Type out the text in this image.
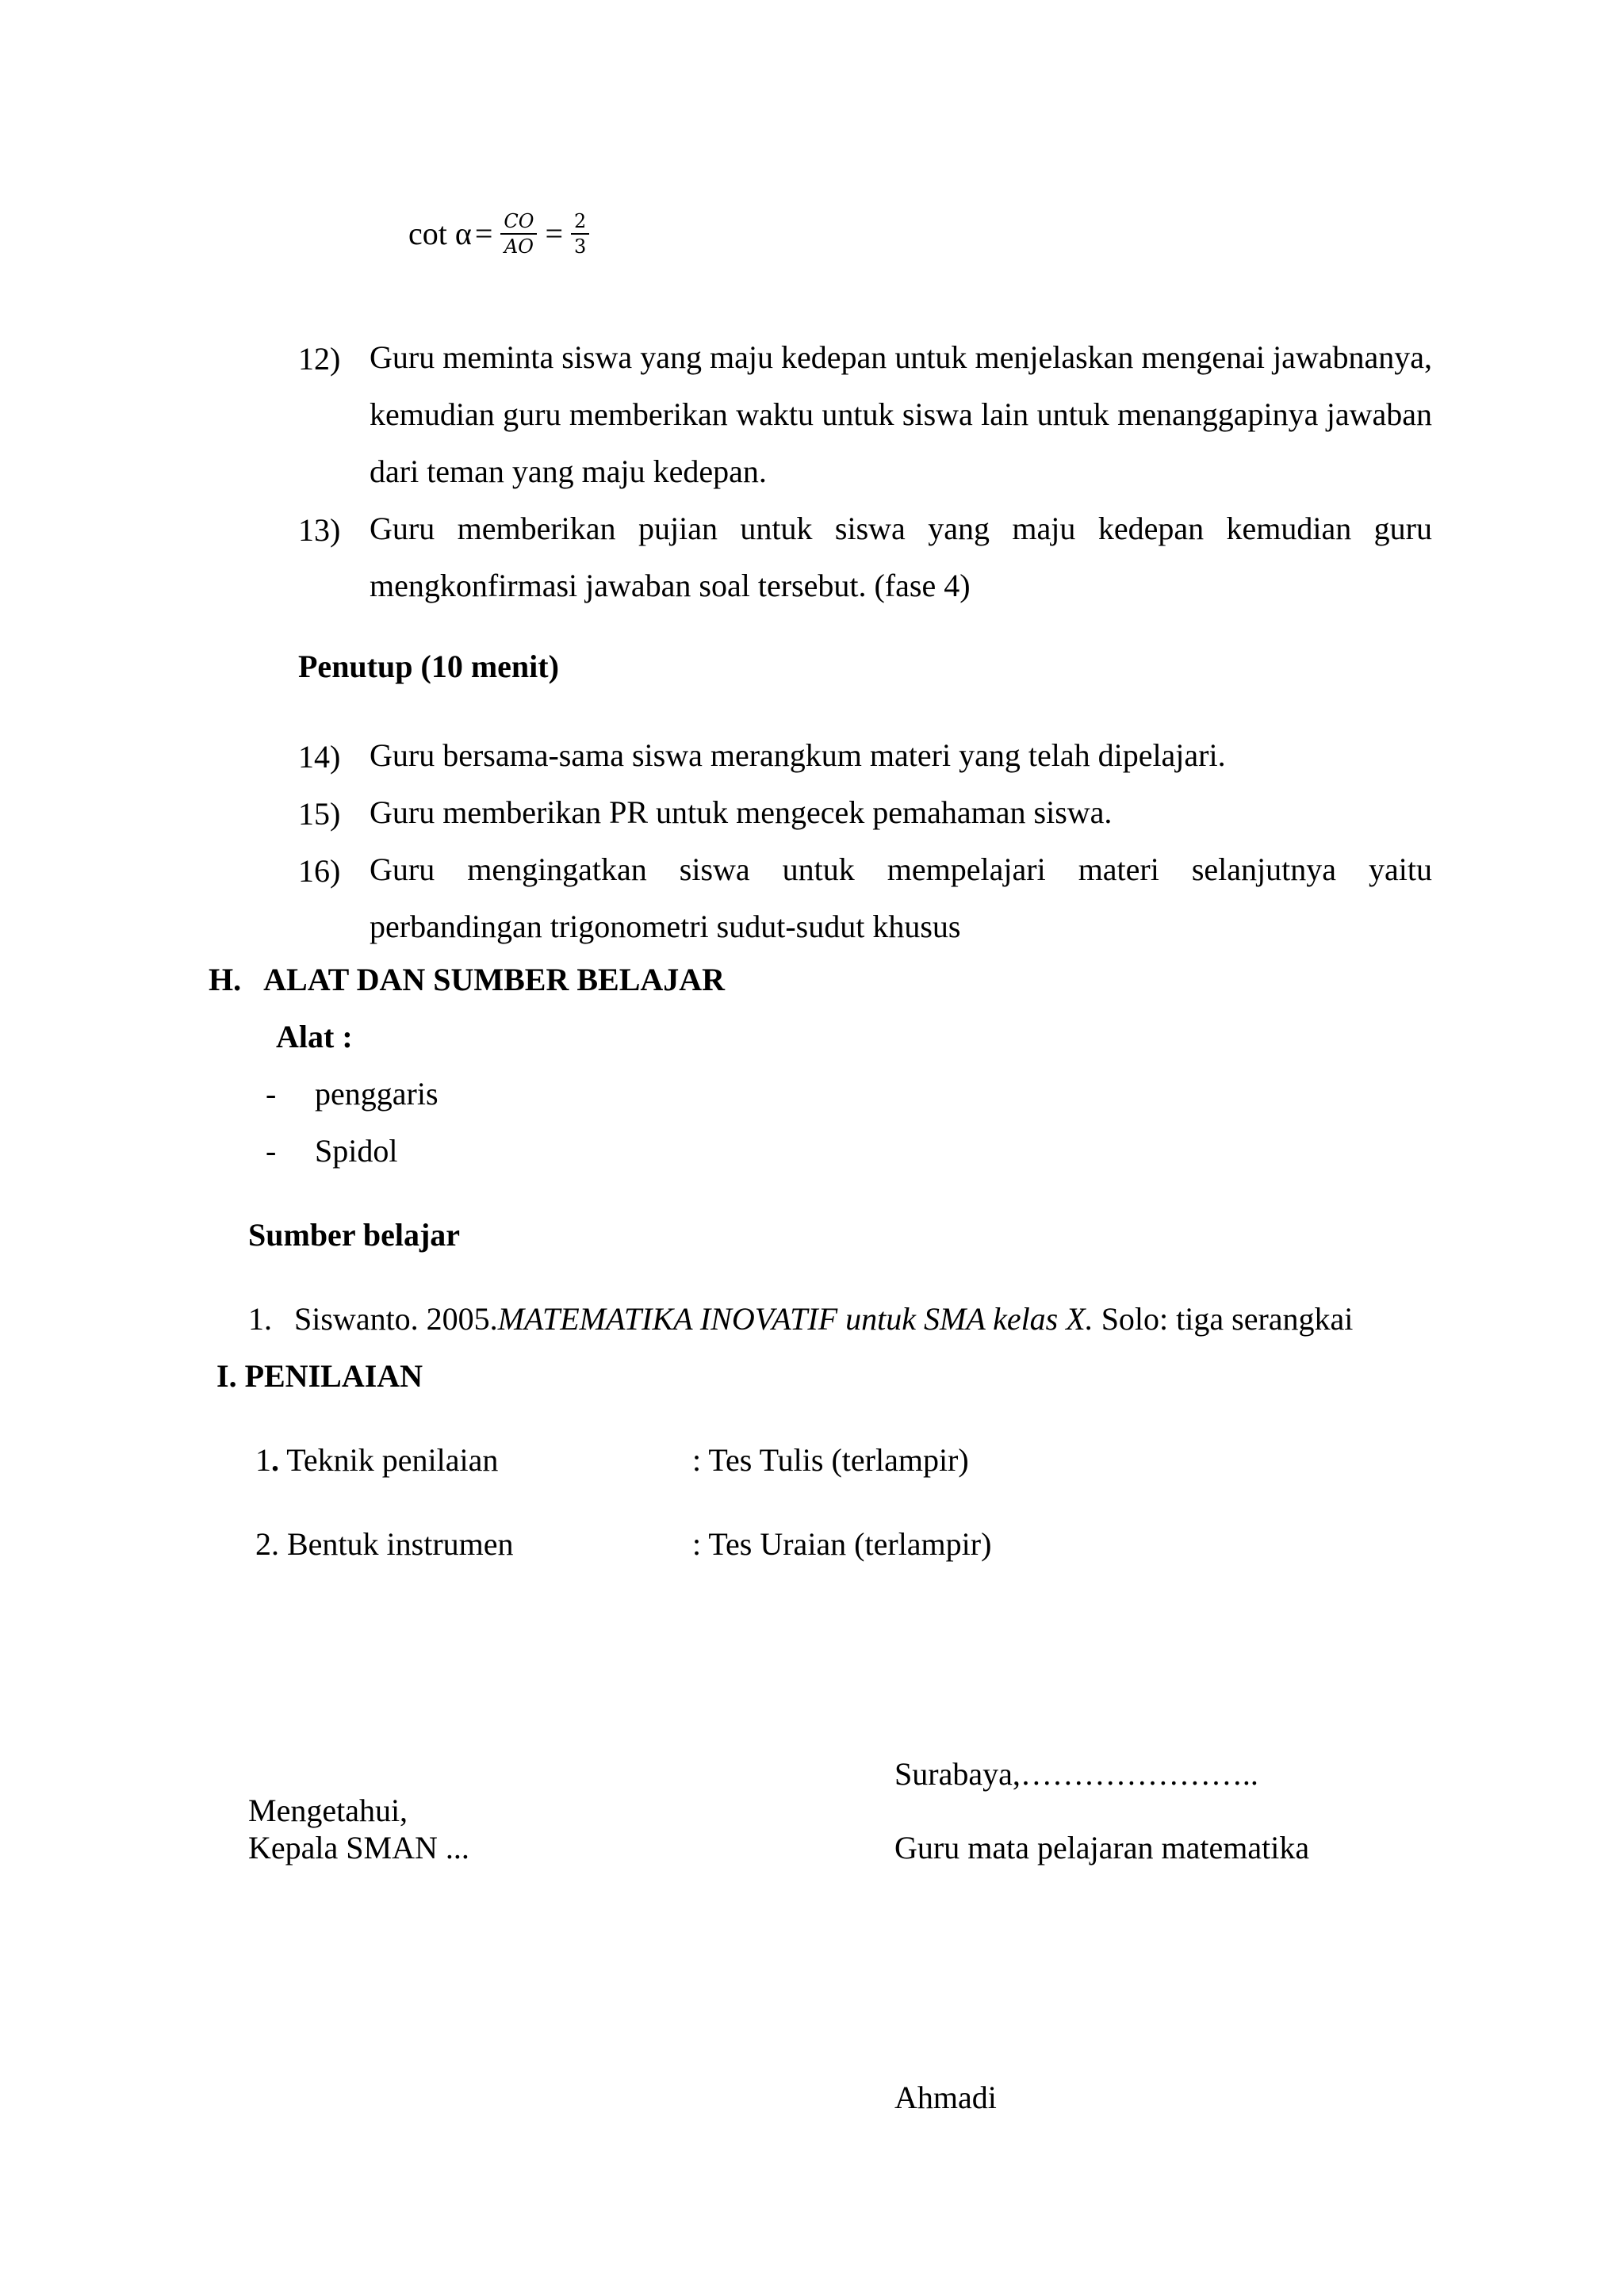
$\cot \alpha = \frac{CO}{AO} = \frac{2}{3}$
12) Guru meminta siswa yang maju kedepan untuk menjelaskan mengenai jawabnanya, kemudian guru memberikan waktu untuk siswa lain untuk menanggapinya jawaban dari teman yang maju kedepan.
13) Guru memberikan pujian untuk siswa yang maju kedepan kemudian guru mengkonfirmasi jawaban soal tersebut. (fase 4)
Penutup (10 menit)
14) Guru bersama-sama siswa merangkum materi yang telah dipelajari.
15) Guru memberikan PR untuk mengecek pemahaman siswa.
16) Guru mengingatkan siswa untuk mempelajari materi selanjutnya yaitu perbandingan trigonometri sudut-sudut khusus
H. ALAT DAN SUMBER BELAJAR
Alat :
- penggaris
- Spidol
Sumber belajar
1. Siswanto. 2005.MATEMATIKA INOVATIF untuk SMA kelas X. Solo: tiga serangkai
I. PENILAIAN
1. Teknik penilaian	: Tes Tulis (terlampir)
2. Bentuk instrumen	: Tes Uraian (terlampir)
Surabaya,…………………..
Mengetahui,
Kepala SMAN ...	Guru mata pelajaran matematika
Ahmadi
